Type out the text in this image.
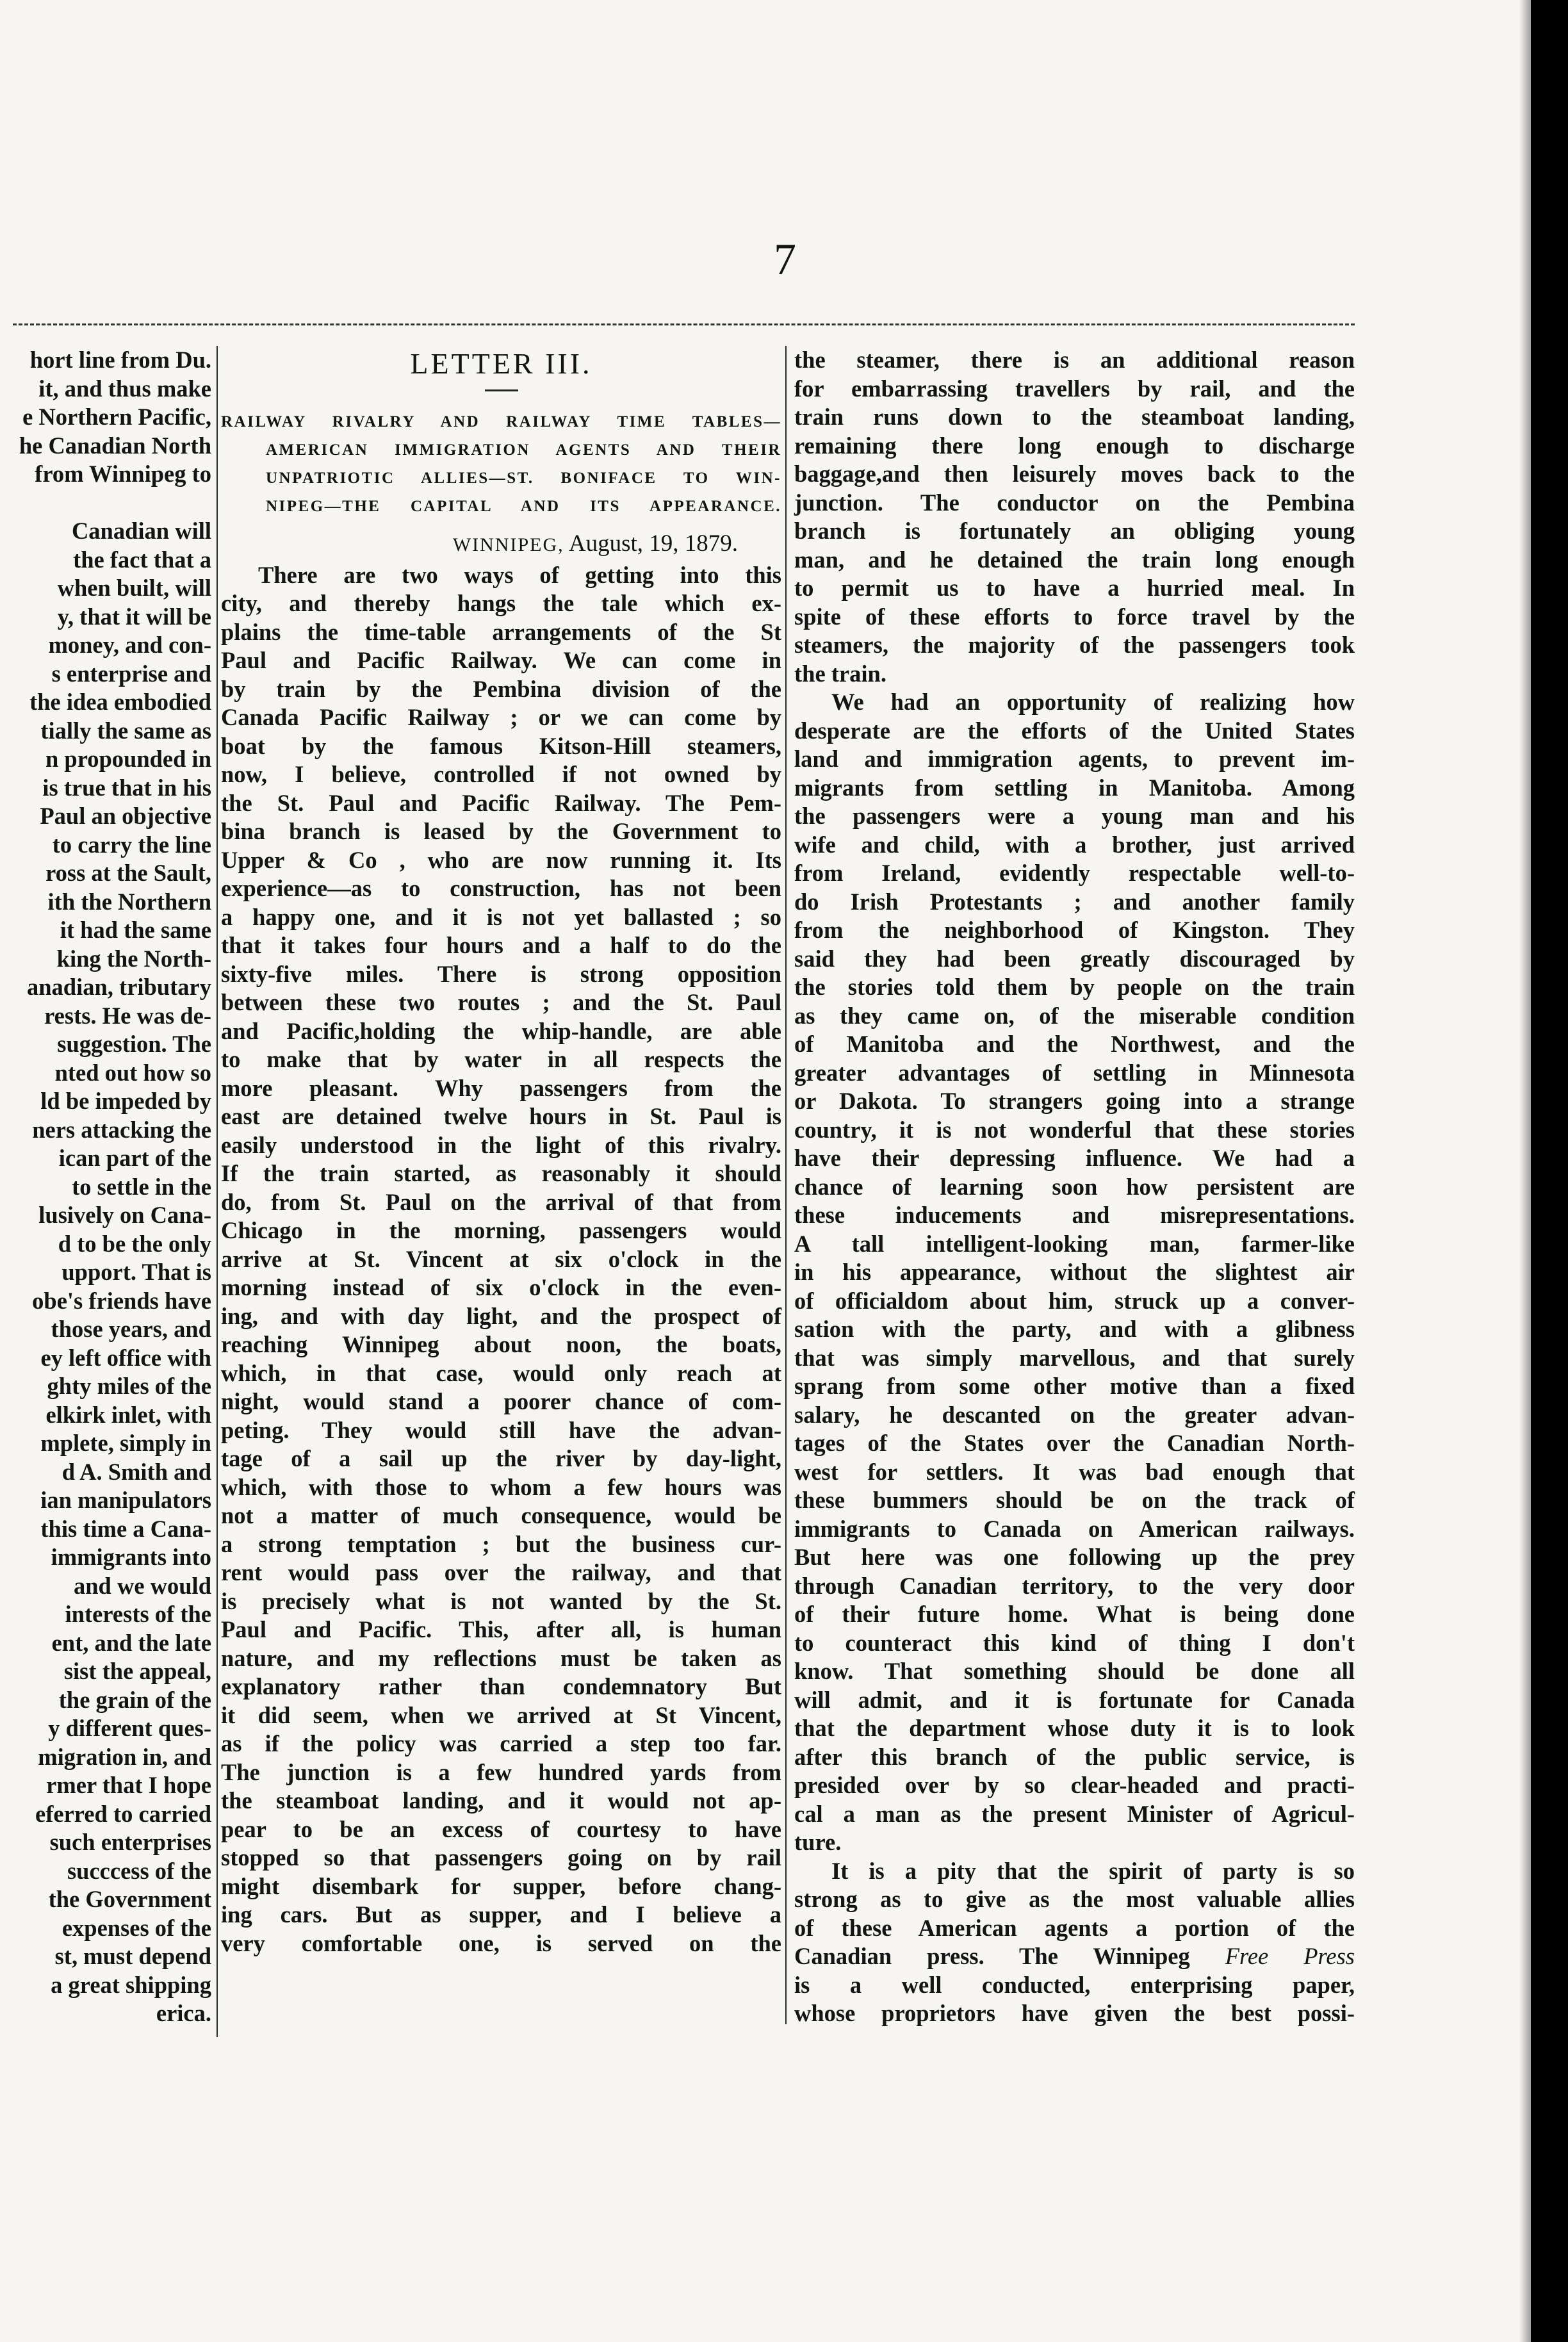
7
hort line from Du.
it, and thus make
e Northern Pacific,
he Canadian North
from Winnipeg to

Canadian will
the fact that a
when built, will
y, that it will be
money, and con-
s enterprise and
the idea embodied
tially the same as
n propounded in
is true that in his
Paul an objective
to carry the line
ross at the Sault,
ith the Northern
it had the same
king the North-
anadian, tributary
rests. He was de-
suggestion. The
nted out how so
ld be impeded by
ners attacking the
ican part of the
to settle in the
lusively on Cana-
d to be the only
upport. That is
obe's friends have
those years, and
ey left office with
ghty miles of the
elkirk inlet, with
mplete, simply in
d A. Smith and
ian manipulators
this time a Cana-
immigrants into
and we would
interests of the
ent, and the late
sist the appeal,
the grain of the
y different ques-
migration in, and
rmer that I hope
eferred to carried
such enterprises
succcess of the
the Government
expenses of the
st, must depend
a great shipping
erica.
LETTER III.
RAILWAY RIVALRY AND RAILWAY TIME TABLES—
AMERICAN IMMIGRATION AGENTS AND THEIR
UNPATRIOTIC ALLIES—ST. BONIFACE TO WIN-
NIPEG—THE CAPITAL AND ITS APPEARANCE.
WINNIPEG, August, 19, 1879.
There are two ways of getting into this
city, and thereby hangs the tale which ex-
plains the time-table arrangements of the St
Paul and Pacific Railway. We can come in
by train by the Pembina division of the
Canada Pacific Railway ; or we can come by
boat by the famous Kitson-Hill steamers,
now, I believe, controlled if not owned by
the St. Paul and Pacific Railway. The Pem-
bina branch is leased by the Government to
Upper & Co , who are now running it. Its
experience—as to construction, has not been
a happy one, and it is not yet ballasted ; so
that it takes four hours and a half to do the
sixty-five miles. There is strong opposition
between these two routes ; and the St. Paul
and Pacific,holding the whip-handle, are able
to make that by water in all respects the
more pleasant. Why passengers from the
east are detained twelve hours in St. Paul is
easily understood in the light of this rivalry.
If the train started, as reasonably it should
do, from St. Paul on the arrival of that from
Chicago in the morning, passengers would
arrive at St. Vincent at six o'clock in the
morning instead of six o'clock in the even-
ing, and with day light, and the prospect of
reaching Winnipeg about noon, the boats,
which, in that case, would only reach at
night, would stand a poorer chance of com-
peting. They would still have the advan-
tage of a sail up the river by day-light,
which, with those to whom a few hours was
not a matter of much consequence, would be
a strong temptation ; but the business cur-
rent would pass over the railway, and that
is precisely what is not wanted by the St.
Paul and Pacific. This, after all, is human
nature, and my reflections must be taken as
explanatory rather than condemnatory But
it did seem, when we arrived at St Vincent,
as if the policy was carried a step too far.
The junction is a few hundred yards from
the steamboat landing, and it would not ap-
pear to be an excess of courtesy to have
stopped so that passengers going on by rail
might disembark for supper, before chang-
ing cars. But as supper, and I believe a
very comfortable one, is served on the
the steamer, there is an additional reason
for embarrassing travellers by rail, and the
train runs down to the steamboat landing,
remaining there long enough to discharge
baggage,and then leisurely moves back to the
junction. The conductor on the Pembina
branch is fortunately an obliging young
man, and he detained the train long enough
to permit us to have a hurried meal. In
spite of these efforts to force travel by the
steamers, the majority of the passengers took
the train.
We had an opportunity of realizing how
desperate are the efforts of the United States
land and immigration agents, to prevent im-
migrants from settling in Manitoba. Among
the passengers were a young man and his
wife and child, with a brother, just arrived
from Ireland, evidently respectable well-to-
do Irish Protestants ; and another family
from the neighborhood of Kingston. They
said they had been greatly discouraged by
the stories told them by people on the train
as they came on, of the miserable condition
of Manitoba and the Northwest, and the
greater advantages of settling in Minnesota
or Dakota. To strangers going into a strange
country, it is not wonderful that these stories
have their depressing influence. We had a
chance of learning soon how persistent are
these inducements and misrepresentations.
A tall intelligent-looking man, farmer-like
in his appearance, without the slightest air
of officialdom about him, struck up a conver-
sation with the party, and with a glibness
that was simply marvellous, and that surely
sprang from some other motive than a fixed
salary, he descanted on the greater advan-
tages of the States over the Canadian North-
west for settlers. It was bad enough that
these bummers should be on the track of
immigrants to Canada on American railways.
But here was one following up the prey
through Canadian territory, to the very door
of their future home. What is being done
to counteract this kind of thing I don't
know. That something should be done all
will admit, and it is fortunate for Canada
that the department whose duty it is to look
after this branch of the public service, is
presided over by so clear-headed and practi-
cal a man as the present Minister of Agricul-
ture.
It is a pity that the spirit of party is so
strong as to give as the most valuable allies
of these American agents a portion of the
Canadian press. The Winnipeg Free Press
is a well conducted, enterprising paper,
whose proprietors have given the best possi-
